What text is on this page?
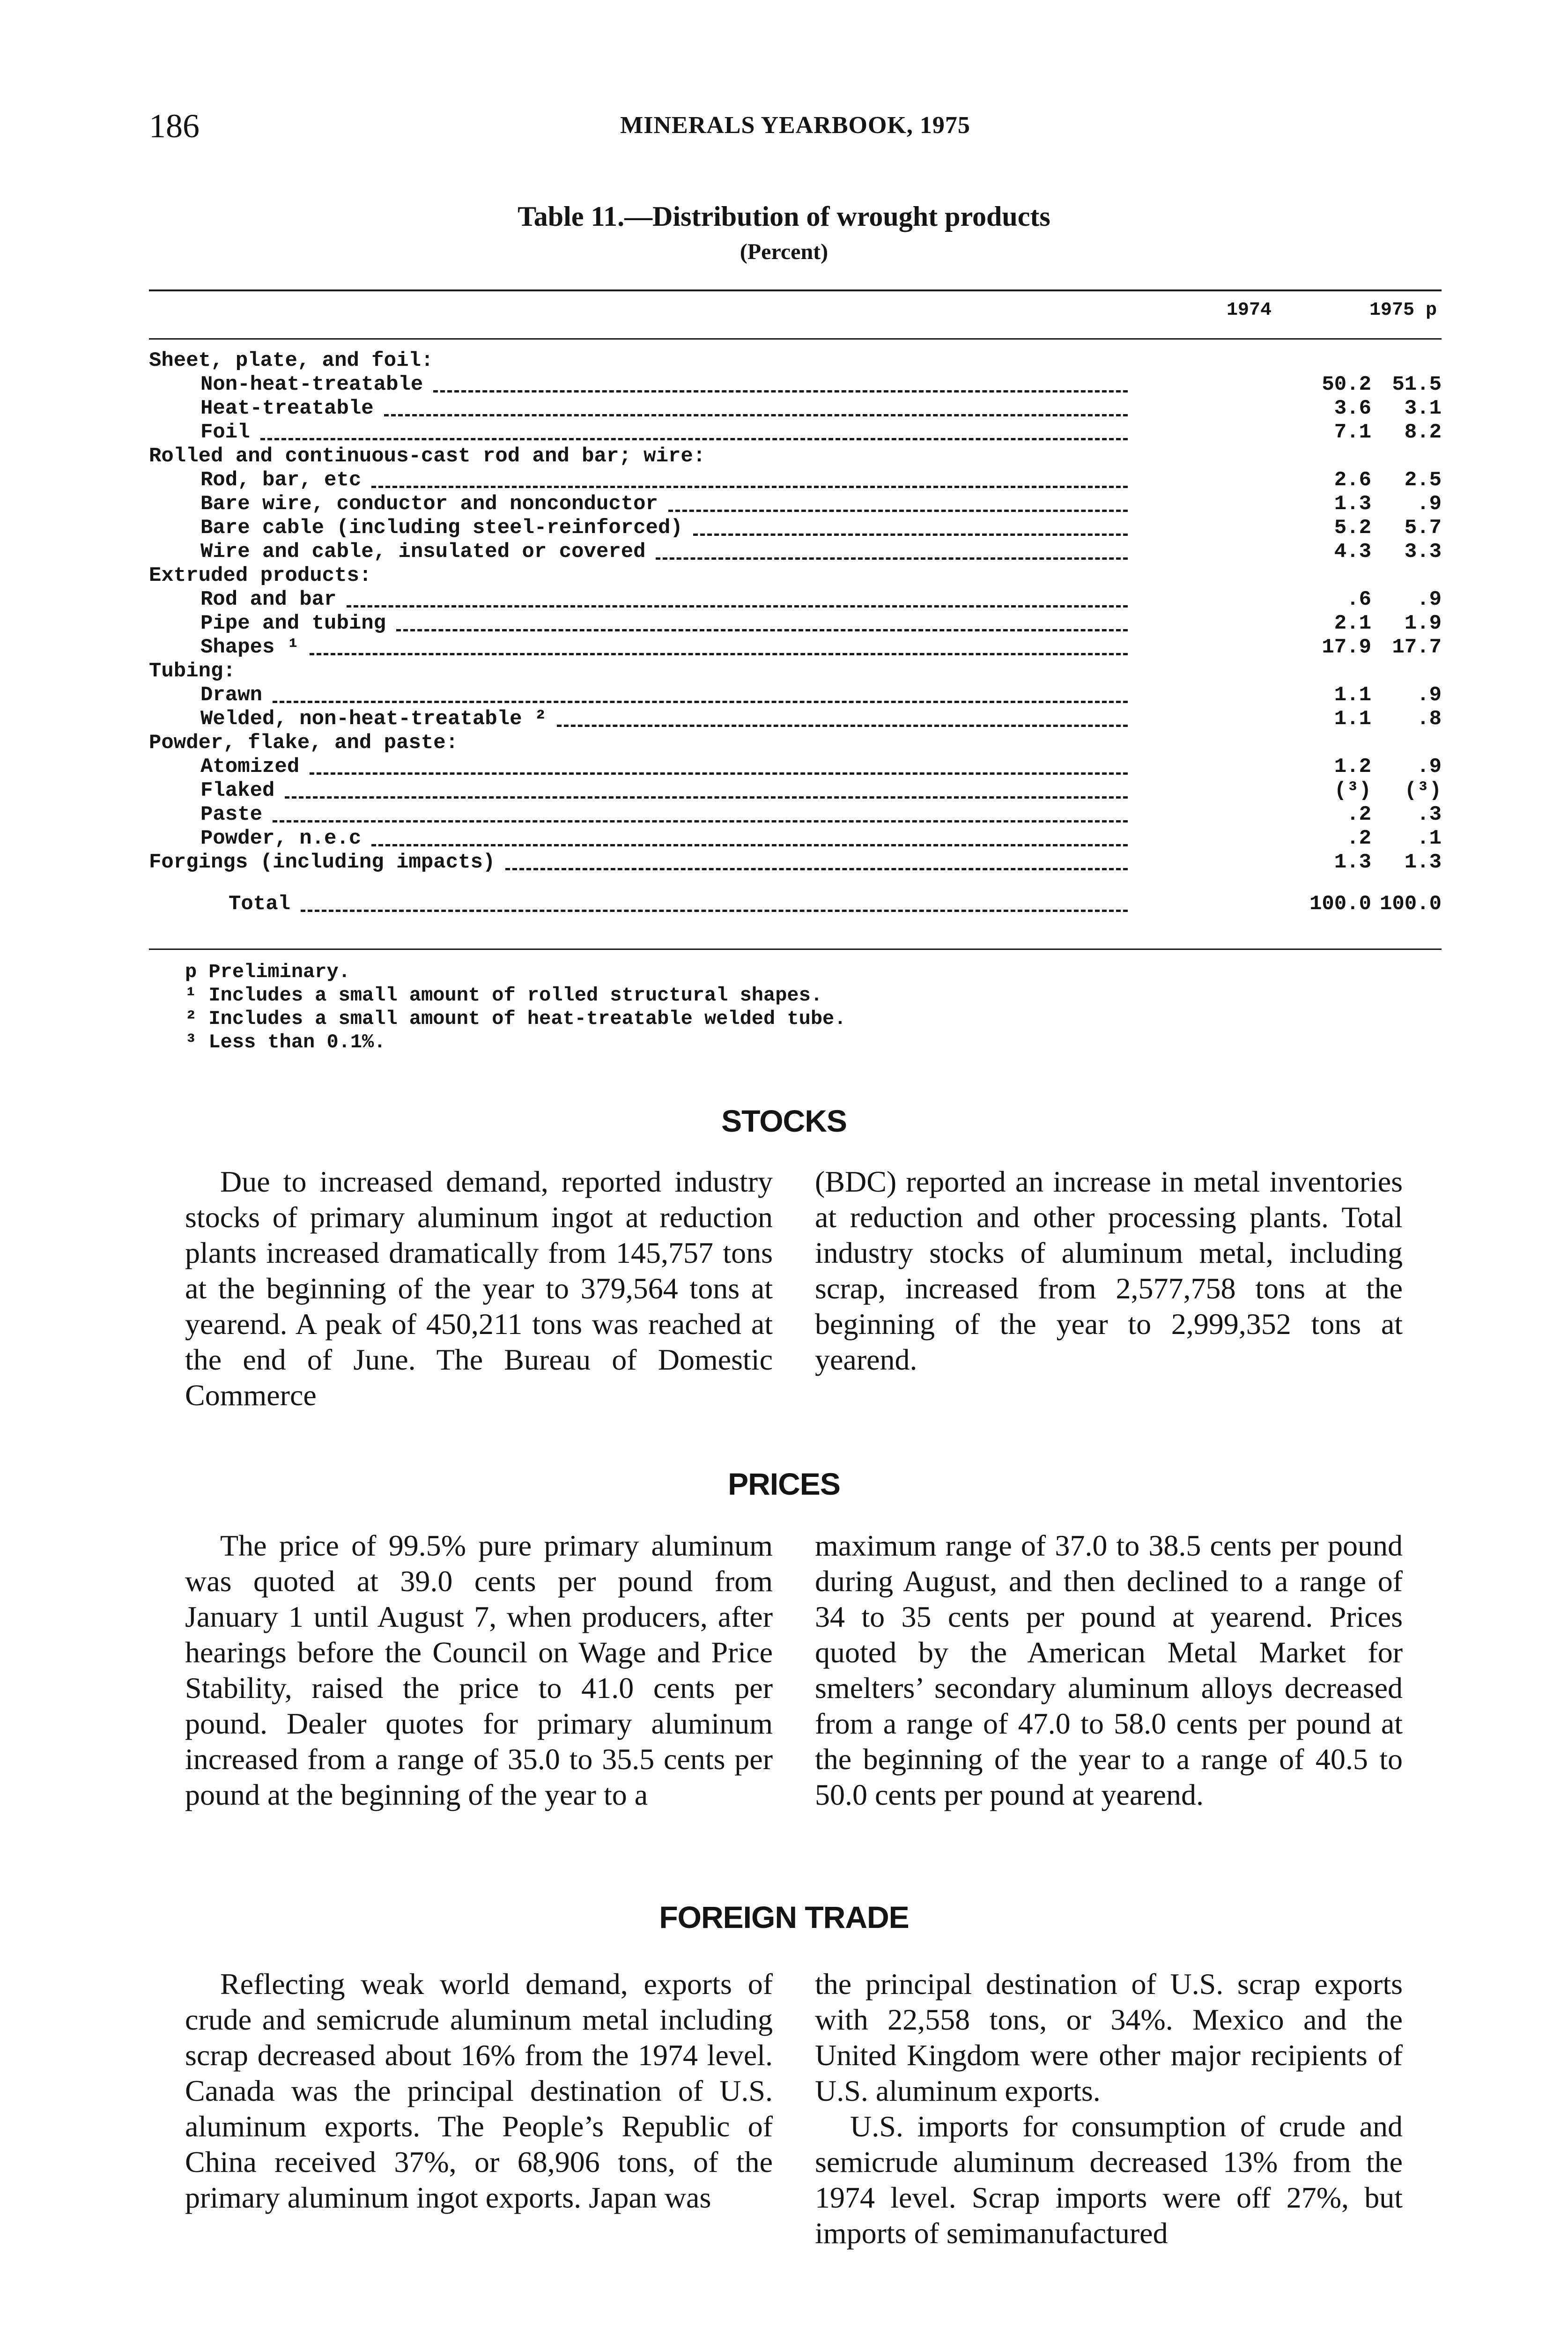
186	MINERALS YEARBOOK, 1975
Table 11.—Distribution of wrought products
(Percent)
1974	1975 p
Sheet, plate, and foil:
Non-heat-treatable	50.2 51.5
Heat-treatable	3.6 3.1
Foil	7.1 8.2
Rolled and continuous-cast rod and bar; wire:
Rod, bar, etc	2.6 2.5
Bare wire, conductor and nonconductor	1.3 .9
Bare cable (including steel-reinforced)	5.2 5.7
Wire and cable, insulated or covered	4.3 3.3
Extruded products:
Rod and bar	.6 .9
Pipe and tubing	2.1 1.9
Shapes ¹	17.9 17.7
Tubing:
Drawn	1.1 .9
Welded, non-heat-treatable ²	1.1 .8
Powder, flake, and paste:
Atomized	1.2 .9
Flaked	(³) (³)
Paste	.2 .3
Powder, n.e.c	.2 .1
Forgings (including impacts)	1.3 1.3
Total	100.0 100.0
p Preliminary.
¹ Includes a small amount of rolled structural shapes.
² Includes a small amount of heat-treatable welded tube.
³ Less than 0.1%.
STOCKS

Due to increased demand, reported industry stocks of primary aluminum ingot at reduction plants increased dramatically from 145,757 tons at the beginning of the year to 379,564 tons at yearend. A peak of 450,211 tons was reached at the end of June. The Bureau of Domestic Commerce

(BDC) reported an increase in metal inventories at reduction and other processing plants. Total industry stocks of aluminum metal, including scrap, increased from 2,577,758 tons at the beginning of the year to 2,999,352 tons at yearend.

PRICES

The price of 99.5% pure primary aluminum was quoted at 39.0 cents per pound from January 1 until August 7, when producers, after hearings before the Council on Wage and Price Stability, raised the price to 41.0 cents per pound. Dealer quotes for primary aluminum increased from a range of 35.0 to 35.5 cents per pound at the beginning of the year to a

maximum range of 37.0 to 38.5 cents per pound during August, and then declined to a range of 34 to 35 cents per pound at yearend. Prices quoted by the American Metal Market for smelters’ secondary aluminum alloys decreased from a range of 47.0 to 58.0 cents per pound at the beginning of the year to a range of 40.5 to 50.0 cents per pound at yearend.

FOREIGN TRADE

Reflecting weak world demand, exports of crude and semicrude aluminum metal including scrap decreased about 16% from the 1974 level. Canada was the principal destination of U.S. aluminum exports. The People’s Republic of China received 37%, or 68,906 tons, of the primary aluminum ingot exports. Japan was

the principal destination of U.S. scrap exports with 22,558 tons, or 34%. Mexico and the United Kingdom were other major recipients of U.S. aluminum exports.

U.S. imports for consumption of crude and semicrude aluminum decreased 13% from the 1974 level. Scrap imports were off 27%, but imports of semimanufactured
